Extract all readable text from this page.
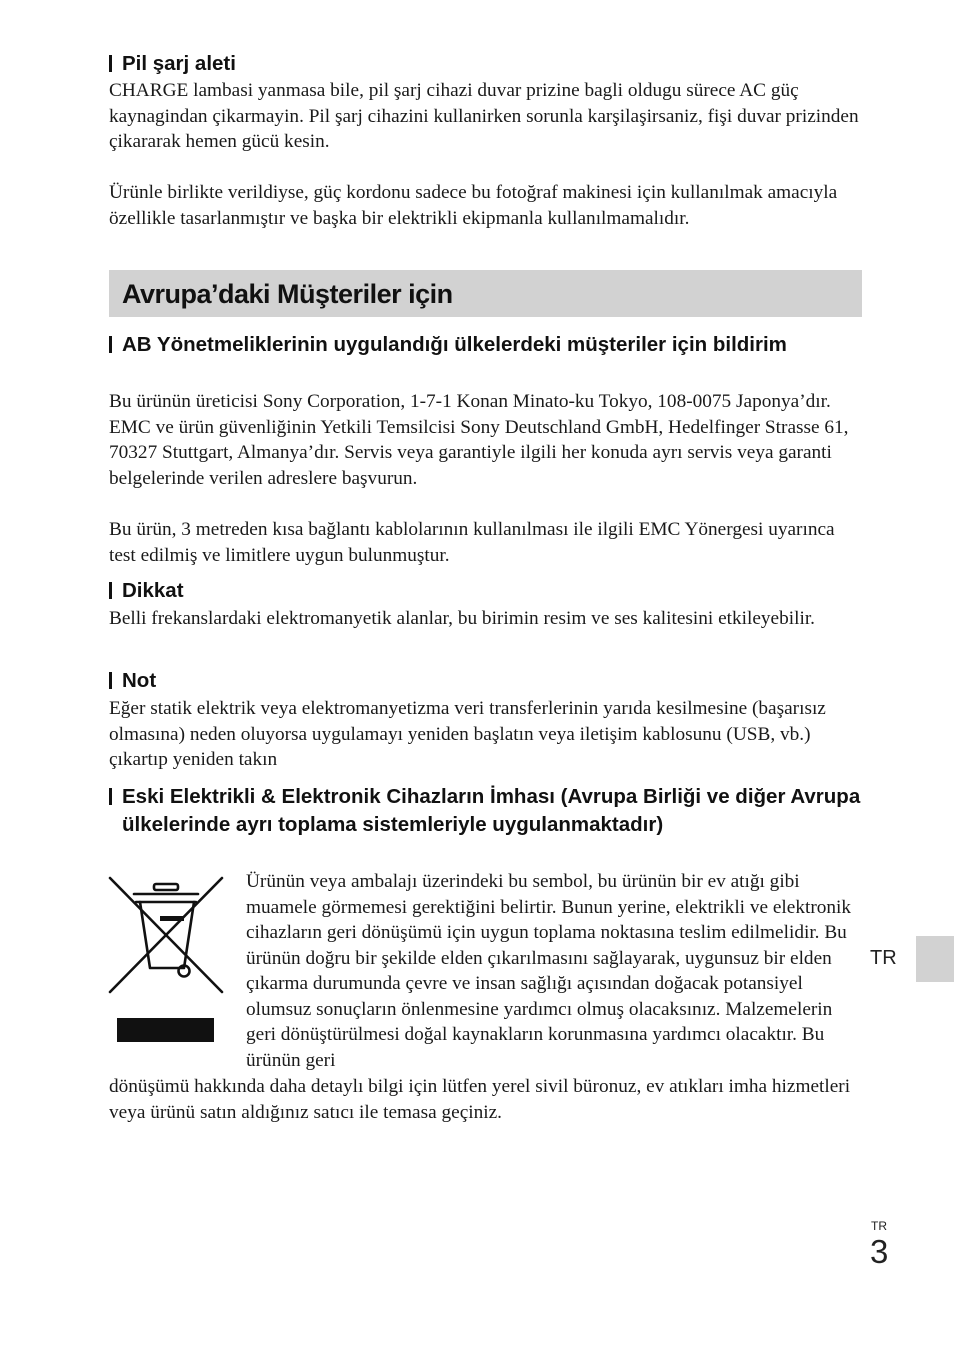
Pil şarj aleti
CHARGE lambasi yanmasa bile, pil şarj cihazi duvar prizine bagli oldugu sürece AC güç kaynagindan çikarmayin. Pil şarj cihazini kullanirken sorunla karşilaşirsaniz, fişi duvar prizinden çikararak hemen gücü kesin.
Ürünle birlikte verildiyse, güç kordonu sadece bu fotoğraf makinesi için kullanılmak amacıyla özellikle tasarlanmıştır ve başka bir elektrikli ekipmanla kullanılmamalıdır.
Avrupa’daki Müşteriler için
AB Yönetmeliklerinin uygulandığı ülkelerdeki müşteriler için bildirim
Bu ürünün üreticisi Sony Corporation, 1-7-1 Konan Minato-ku Tokyo, 108-0075 Japonya’dır. EMC ve ürün güvenliğinin Yetkili Temsilcisi Sony Deutschland GmbH, Hedelfinger Strasse 61, 70327 Stuttgart, Almanya’dır. Servis veya garantiyle ilgili her konuda ayrı servis veya garanti belgelerinde verilen adreslere başvurun.
Bu ürün, 3 metreden kısa bağlantı kablolarının kullanılması ile ilgili EMC Yönergesi uyarınca test edilmiş ve limitlere uygun bulunmuştur.
Dikkat
Belli frekanslardaki elektromanyetik alanlar, bu birimin resim ve ses kalitesini etkileyebilir.
Not
Eğer statik elektrik veya elektromanyetizma veri transferlerinin yarıda kesilmesine (başarısız olmasına) neden oluyorsa uygulamayı yeniden başlatın veya iletişim kablosunu (USB, vb.) çıkartıp yeniden takın
Eski Elektrikli & Elektronik Cihazların İmhası (Avrupa Birliği ve diğer Avrupa ülkelerinde ayrı toplama sistemleriyle uygulanmaktadır)
Ürünün veya ambalajı üzerindeki bu sembol, bu ürünün bir ev atığı gibi muamele görmemesi gerektiğini belirtir. Bunun yerine, elektrikli ve elektronik cihazların geri dönüşümü için uygun toplama noktasına teslim edilmelidir. Bu ürünün doğru bir şekilde elden çıkarılmasını sağlayarak, uygunsuz bir elden çıkarma durumunda çevre ve insan sağlığı açısından doğacak potansiyel olumsuz sonuçların önlenmesine yardımcı olmuş olacaksınız. Malzemelerin geri dönüştürülmesi doğal kaynakların korunmasına yardımcı olacaktır. Bu ürünün geri
dönüşümü hakkında daha detaylı bilgi için lütfen yerel sivil büronuz, ev atıkları imha hizmetleri veya ürünü satın aldığınız satıcı ile temasa geçiniz.
TR
TR
3
